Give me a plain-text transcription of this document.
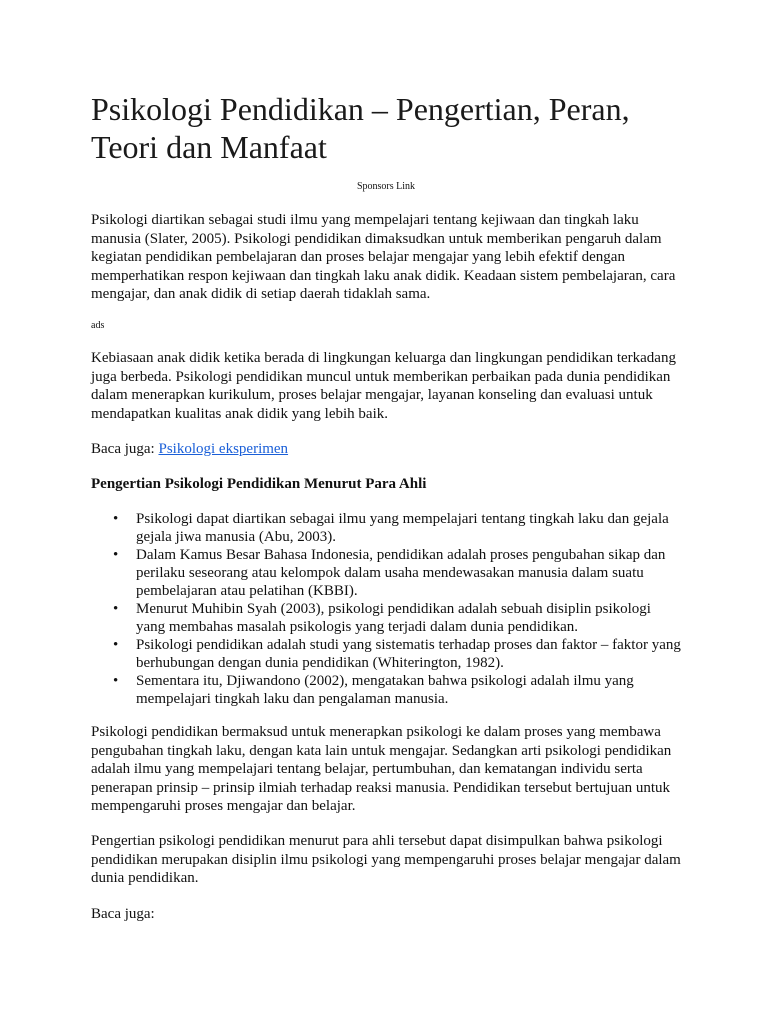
Psikologi Pendidikan – Pengertian, Peran, Teori dan Manfaat
Sponsors Link

Psikologi diartikan sebagai studi ilmu yang mempelajari tentang kejiwaan dan tingkah laku manusia (Slater, 2005). Psikologi pendidikan dimaksudkan untuk memberikan pengaruh dalam kegiatan pendidikan pembelajaran dan proses belajar mengajar yang lebih efektif dengan memperhatikan respon kejiwaan dan tingkah laku anak didik. Keadaan sistem pembelajaran, cara mengajar, dan anak didik di setiap daerah tidaklah sama.

ads

Kebiasaan anak didik ketika berada di lingkungan keluarga dan lingkungan pendidikan terkadang juga berbeda. Psikologi pendidikan muncul untuk memberikan perbaikan pada dunia pendidikan dalam menerapkan kurikulum, proses belajar mengajar, layanan konseling dan evaluasi untuk mendapatkan kualitas anak didik yang lebih baik.

Baca juga: Psikologi eksperimen

Pengertian Psikologi Pendidikan Menurut Para Ahli
• Psikologi dapat diartikan sebagai ilmu yang mempelajari tentang tingkah laku dan gejala gejala jiwa manusia (Abu, 2003).
• Dalam Kamus Besar Bahasa Indonesia, pendidikan adalah proses pengubahan sikap dan perilaku seseorang atau kelompok dalam usaha mendewasakan manusia dalam suatu pembelajaran atau pelatihan (KBBI).
• Menurut Muhibin Syah (2003), psikologi pendidikan adalah sebuah disiplin psikologi yang membahas masalah psikologis yang terjadi dalam dunia pendidikan.
• Psikologi pendidikan adalah studi yang sistematis terhadap proses dan faktor – faktor yang berhubungan dengan dunia pendidikan (Whiterington, 1982).
• Sementara itu, Djiwandono (2002), mengatakan bahwa psikologi adalah ilmu yang mempelajari tingkah laku dan pengalaman manusia.

Psikologi pendidikan bermaksud untuk menerapkan psikologi ke dalam proses yang membawa pengubahan tingkah laku, dengan kata lain untuk mengajar. Sedangkan arti psikologi pendidikan adalah ilmu yang mempelajari tentang belajar, pertumbuhan, dan kematangan individu serta penerapan prinsip – prinsip ilmiah terhadap reaksi manusia. Pendidikan tersebut bertujuan untuk mempengaruhi proses mengajar dan belajar.

Pengertian psikologi pendidikan menurut para ahli tersebut dapat disimpulkan bahwa psikologi pendidikan merupakan disiplin ilmu psikologi yang mempengaruhi proses belajar mengajar dalam dunia pendidikan.

Baca juga:
